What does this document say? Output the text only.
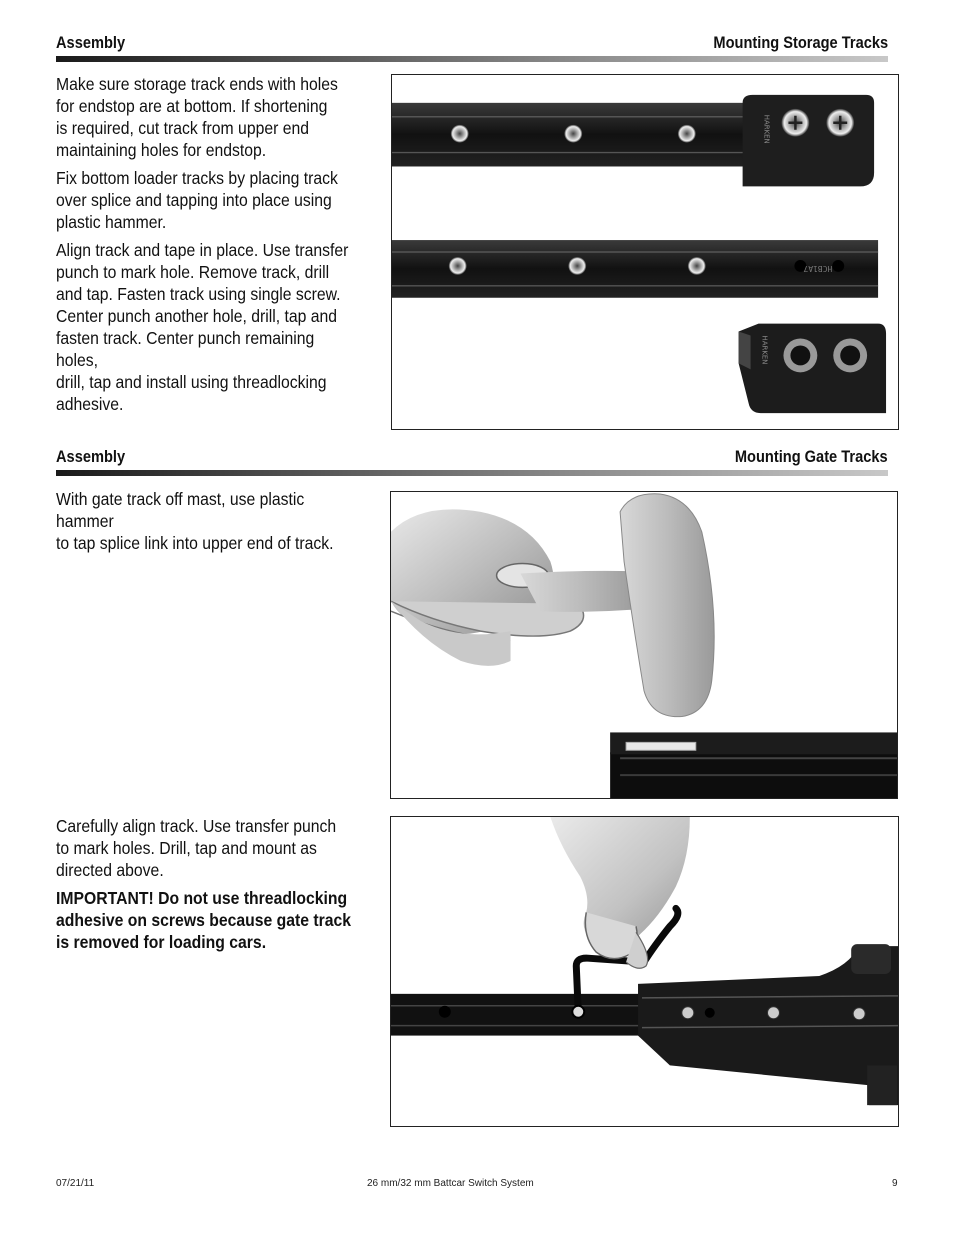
Assembly	Mounting Storage Tracks

Make sure storage track ends with holes
for endstop are at bottom. If shortening
is required, cut track from upper end
maintaining holes for endstop.

Fix bottom loader tracks by placing track
over splice and tapping into place using
plastic hammer.

Align track and tape in place. Use transfer
punch to mark hole. Remove track, drill
and tap. Fasten track using single screw.
Center punch another hole, drill, tap and
fasten track. Center punch remaining holes,
drill, tap and install using threadlocking
adhesive.

HARKEN
HCB1A7
HARKEN
Assembly	Mounting Gate Tracks

With gate track off mast, use plastic hammer
to tap splice link into upper end of track.

Carefully align track. Use transfer punch
to mark holes. Drill, tap and mount as
directed above.

IMPORTANT! Do not use threadlocking
adhesive on screws because gate track
is removed for loading cars.

07/21/11	26 mm/32 mm Battcar Switch System	9
